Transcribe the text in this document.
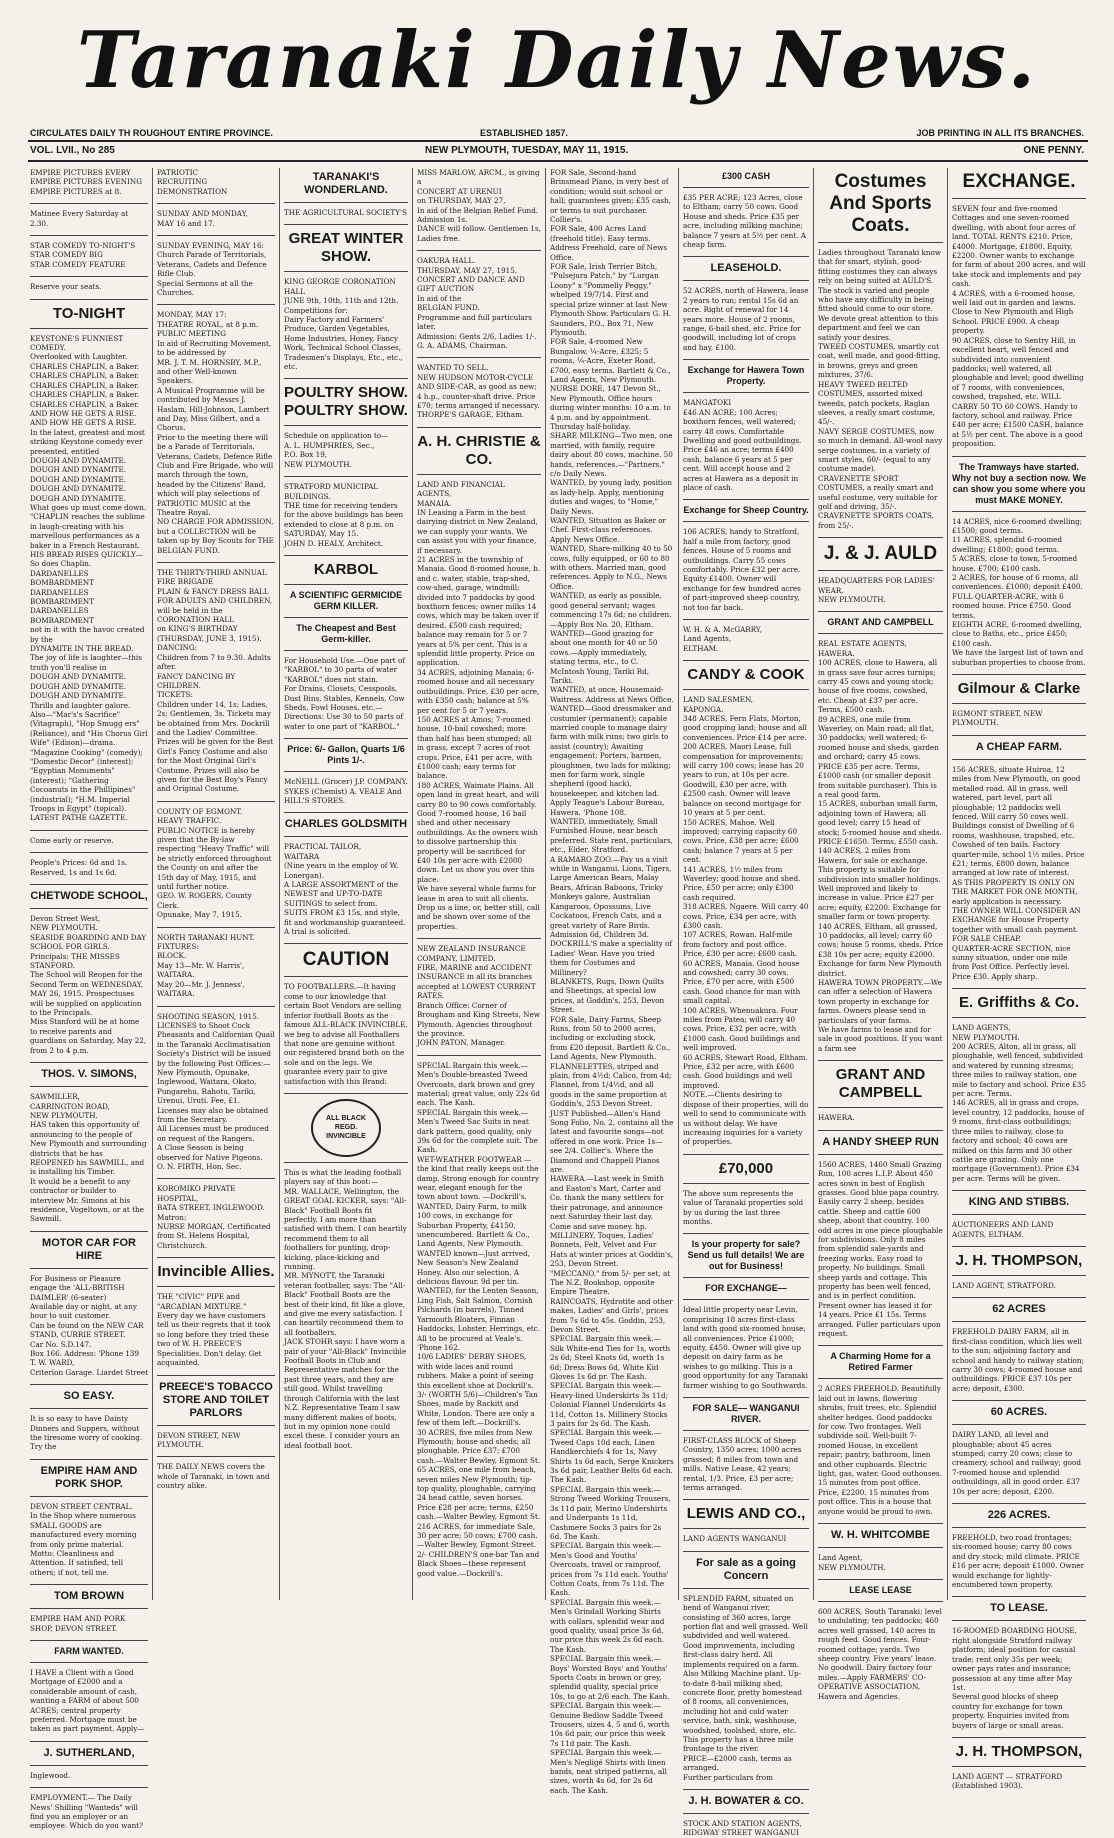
Taranaki Daily News.
CIRCULATES DAILY TH ROUGHOUT ENTIRE PROVINCE.	ESTABLISHED 1857.	JOB PRINTING IN ALL ITS BRANCHES.
VOL. LVII., No 285	NEW PLYMOUTH, TUESDAY, MAY 11, 1915.	ONE PENNY.
EMPIRE PICTURES EVERY
EMPIRE PICTURES EVENING
EMPIRE PICTURES at 8.
Matinee Every Saturday at 2.30.
STAR COMEDY TO-NIGHT'S
STAR COMEDY BIG
STAR COMEDY FEATURE
Reserve your seats.
TO-NIGHT
KEYSTONE'S FUNNIEST COMEDY.
Overlooked with Laughter.
CHARLES CHAPLIN, a Baker.
CHARLES CHAPLIN, a Baker.
CHARLES CHAPLIN, a Baker.
CHARLES CHAPLIN, a Baker.
CHARLES CHAPLIN, a Baker.
AND HOW HE GETS A RISE.
AND HOW HE GETS A RISE.
In the latest, greatest and most striking Keystone comedy ever presented, entitled
DOUGH AND DYNAMITE.
DOUGH AND DYNAMITE.
DOUGH AND DYNAMITE.
DOUGH AND DYNAMITE.
DOUGH AND DYNAMITE.
What goes up must come down.
"CHAPLIN reaches the sublime in laugh-creating with his marvellous performances as a baker in a French Restaurant.
HIS BREAD RISES QUICKLY—
So does Chaplin.
DARDANELLES BOMBARDMENT
DARDANELLES BOMBARDMENT
DARDANELLES BOMBARDMENT
not in it with the havoc created by the
DYNAMITE IN THE BREAD.
The joy of life is laughter—this truth you'll realise in
DOUGH AND DYNAMITE.
DOUGH AND DYNAMITE.
DOUGH AND DYNAMITE.
Thrills and laughter galore.
Also—"Mar's's Sacrifice" (Vitagraph), "Hop Smugg ers" (Reliance), and "His Chorus Girl Wife" (Edison)—drama. "Magazine Cooking" (comedy); "Domestic Decor" (interest); "Egyptian Monuments" (interest); "Gathering Cocoanuts in the Phillipines" (industrial); "H.M. Imperial Troops in Egypt" (topical).
LATEST PATHE GAZETTE.
Come early or reserve.
People's Prices: 6d and 1s. Reserved, 1s and 1s 6d.
CHETWODE SCHOOL,
Devon Street West,
NEW PLYMOUTH.
SEASIDE BOARDING AND DAY SCHOOL FOR GIRLS.
Principals: THE MISSES STANFORD.
The School will Reopen for the Second Term on WEDNESDAY, MAY 26, 1915. Prospectuses will be supplied on application to the Principals.
Miss Stanford will be at home to receive parents and guardians on Saturday, May 22, from 2 to 4 p.m.
THOS. V. SIMONS,
SAWMILLER,
CARRINGTON ROAD,
NEW PLYMOUTH.
HAS taken this opportunity of announcing to the people of New Plymouth and surrounding districts that he has REOPENED his SAWMILL, and is installing his Timber.
It would be a benefit to any contractor or builder to interview Mr. Simons at his residence, Vogeltown, or at the Sawmill.
MOTOR CAR FOR HIRE
For Business or Pleasure engage the 'ALL-BRITISH DAIMLER' (6-seater)
Available day or night, at any hour to suit customer.
Can be found on the NEW CAR STAND, CURRIE STREET.
Car No. S.D.147.
Box 166. Address: 'Phone 139
T. W. WARD,
Criterion Garage. Liardet Street
SO EASY.
It is so easy to have Dainty Dinners and Suppers, without the tiresome worry of cooking. Try the
EMPIRE HAM AND PORK SHOP.
DEVON STREET CENTRAL.
In the Shop where numerous SMALL GOODS are manufactured every morning from only prime material.
Motto: Cleanliness and Attention. If satisfied, tell others; if not, tell me.
TOM BROWN
EMPIRE HAM AND PORK SHOP, DEVON STREET.
FARM WANTED.
I HAVE a Client with a Good Mortgage of £2000 and a considerable amount of cash, wanting a FARM of about 500 ACRES; central property preferred. Mortgage must be taken as part payment. Apply—
J. SUTHERLAND,
Inglewood.
EMPLOYMENT.— The Daily News' Shilling "Wanteds" will find you an employer or an employee. Which do you want?
PATRIOTIC
RECRUITING
DEMONSTRATION
SUNDAY AND MONDAY,
MAY 16 and 17.
SUNDAY EVENING, MAY 16:
Church Parade of Territorials, Veterans, Cadets and Defence Rifle Club.
Special Sermons at all the Churches.
MONDAY, MAY 17:
THEATRE ROYAL, at 8 p.m.
PUBLIC MEETING
In aid of Recruiting Movement, to be addressed by
MR. J. T. M. HORNSBY, M.P., and other Well-known Speakers.
A Musical Programme will be contributed by Messrs J. Haslam, Hill-Johnson, Lambert and Day, Miss Gilbert, and a Chorus.
Prior to the meeting there will be a Parade of Territorials, Veterans, Cadets, Defence Rifle Club and Fire Brigade, who will march through the town, headed by the Citizens' Band, which will play selections of PATRIOTIC MUSIC at the Theatre Royal.
NO CHARGE FOR ADMISSION, but a COLLECTION will be taken up by Boy Scouts for THE BELGIAN FUND.
THE THIRTY-THIRD ANNUAL
FIRE BRIGADE
PLAIN & FANCY DRESS BALL
FOR ADULTS AND CHILDREN,
will be held in the
CORONATION HALL
on KING'S BIRTHDAY
(THURSDAY, JUNE 3, 1915).
DANCING:
Children from 7 to 9.30. Adults after.
FANCY DANCING BY CHILDREN.
TICKETS:
Children under 14, 1s; Ladies, 2s; Gentlemen, 3s. Tickets may be obtained from Mrs. Dockrill and the Ladies' Committee.
Prizes will be given for the Best Girl's Fancy Costume and also for the Most Original Girl's Costume. Prizes will also be given for the Best Boy's Fancy and Original Costume.
COUNTY OF EGMONT.
HEAVY TRAFFIC.
PUBLIC NOTICE is hereby given that the By-law respecting "Heavy Traffic" will be strictly enforced throughout the County on and after the 15th day of May, 1915, and until further notice.
GEO. W. ROGERS, County Clerk.
Opunake, May 7, 1915.
NORTH TARANAKI HUNT.
FIXTURES:
BLOCK.
May 13—Mr. W. Harris', WAITARA.
May 20—Mr. J. Jenness', WAITARA.
SHOOTING SEASON, 1915.
LICENSES to Shoot Cock Pheasants and Californian Quail in the Taranaki Acclimatisation Society's District will be issued by the following Post Offices:—New Plymouth, Opunake, Inglewood, Waitara, Okato, Pungarehu, Rahotu, Tariki, Urenui, Uruti. Fee, £1.
Licenses may also be obtained from the Secretary.
All Licenses must be produced on request of the Rangers.
A Close Season is being observed for Native Pigeons.
O. N. FIRTH, Hon. Sec.
KOROMIKO PRIVATE HOSPITAL,
BATA STREET, INGLEWOOD.
Matron:
NURSE MORGAN, Certificated from St. Helens Hospital, Christchurch.
Invincible Allies.
THE "CIVIC" PIPE and "ARCADIAN MIXTURE."
Every day we have customers tell us their regrets that it took so long before they tried these two of W. H. PREECE'S Specialities. Don't delay. Get acquainted.
PREECE'S TOBACCO STORE AND TOILET PARLORS
DEVON STREET, NEW PLYMOUTH.
THE DAILY NEWS covers the whole of Taranaki, in town and country alike.
TARANAKI'S WONDERLAND.
THE AGRICULTURAL SOCIETY'S
GREAT WINTER SHOW.
KING GEORGE CORONATION HALL
JUNE 9th, 10th, 11th and 12th.
Competitions for:
Dairy Factory and Farmers' Produce, Garden Vegetables, Home Industries, Honey, Fancy Work, Technical School Classes, Tradesmen's Displays, Etc., etc., etc.
POULTRY SHOW. POULTRY SHOW.
Schedule on application to—
A. L. HUMPHRIES, Sec.,
P.O. Box 19,
NEW PLYMOUTH.
STRATFORD MUNICIPAL BUILDINGS.
THE time for receiving tenders for the above buildings has been extended to close at 8 p.m. on SATURDAY, May 15.
JOHN D. HEALY, Architect.
KARBOL
A SCIENTIFIC GERMICIDE GERM KILLER.
The Cheapest and Best Germ-killer.
For Household Use.—One part of "KARBOL" to 30 parts of water "KARBOL" does not stain.
For Drains, Closets, Cesspools, Dust Bins, Stables, Kennels, Cow Sheds, Fowl Houses, etc.—Directions: Use 30 to 50 parts of water to one part of "KARBOL."
Price: 6/- Gallon, Quarts 1/6 Pints 1/-.
McNEILL (Grocer) J.P. COMPANY. SYKES (Chemist) A. VEALE And HILL'S STORES.
CHARLES GOLDSMITH
PRACTICAL TAILOR,
WAITARA
(Nine years in the employ of W. Lonergan).
A LARGE ASSORTMENT of the NEWEST and UP-TO-DATE SUITINGS to select from.
SUITS FROM £3 15s, and style, fit and workmanship guaranteed. A trial is solicited.
CAUTION
TO FOOTBALLERS.—It having come to our knowledge that certain Boot Vendors are selling inferior football Boots as the famous ALL-BLACK INVINCIBLE, we beg to advise all Footballers that none are genuine without our registered brand both on the sole and on the legs. We guarantee every pair to give satisfaction with this Brand:
ALL BLACK
REGD.
INVINCIBLE
This is what the leading football players say of this boot:—
MR. WALLACE, Wellington, the GREAT GOAL KICKER, says: "All-Black" Football Boots fit perfectly. I am more than satisfied with them. I can heartily recommend them to all footballers for punting, drop-kicking, place-kicking and running.
MR. MYNOTT, the Taranaki veteran footballer, says: The "All-Black" Football Boots are the best of their kind, fit like a glove, and give me every satisfaction. I can heartily recommend them to all footballers.
JACK STOHR says: I have worn a pair of your "All-Black" Invincible Football Boots in Club and Representative matches for the past three years, and they are still good. Whilst travelling through California with the last N.Z. Representative Team I saw many different makes of boots, but in my opinion none could excel these. I consider yours an ideal football boot.
MISS MARLOW, ARCM., is giving a
CONCERT AT URENUI
on THURSDAY, MAY 27,
In aid of the Belgian Relief Fund.
Admission 1s.
DANCE will follow. Gentlemen 1s, Ladies free.
OAKURA HALL.
THURSDAY, MAY 27, 1915.
CONCERT AND DANCE AND GIFT AUCTION
In aid of the
BELGIAN FUND.
Programme and full particulars later.
Admission: Gents 2/6, Ladies 1/-.
G. A. ADAMS, Chairman.
WANTED TO SELL.
NEW HUDSON MOTOR-CYCLE AND SIDE-CAR, as good as new; 4 h.p., counter-shaft drive. Price £70; terms arranged if necessary.
THORPE'S GARAGE, Eltham.
A. H. CHRISTIE & CO.
LAND AND FINANCIAL AGENTS,
MANAIA.
IN Leasing a Farm in the best dairying district in New Zealand, we can supply your wants. We can assist you with your finance, if necessary.
21 ACRES in the township of Manaia. Good 8-roomed house, b. and c. water, stable, trap-shed, cow-shed, garage, windmill; divided into 7 paddocks by good boxthorn fences; owner milks 14 cows, which may be taken over if desired. £500 cash required; balance may remain for 5 or 7 years at 5% per cent. This is a splendid little property. Price on application.
34 ACRES, adjoining Manaia; 6-roomed house and all necessary outbuildings. Price, £30 per acre, with £350 cash; balance at 5% per cent for 5 or 7 years.
150 ACRES at Amos; 7-roomed house, 10-bail cowshed; more than half has been stumped; all in grass, except 7 acres of root crops. Price, £41 per acre, with £1000 cash; easy terms for balance.
180 ACRES, Waimate Plains. All open land in great heart, and will carry 80 to 90 cows comfortably. Good 7-roomed house, 16 bail shed and other necessary outbuildings. As the owners wish to dissolve partnership this property will be sacrificed for £40 10s per acre with £2000 down. Let us show you over this place.
We have several whole farms for lease in area to suit all clients. Drop us a line, or, better still, call and be shown over some of the properties.
NEW ZEALAND INSURANCE COMPANY, LIMITED.
FIRE, MARINE and ACCIDENT INSURANCE in all its branches accepted at LOWEST CURRENT RATES.
Branch Office: Corner of Brougham and King Streets, New Plymouth. Agencies throughout the province.
JOHN PATON, Manager.
SPECIAL Bargain this week.— Men's Double-breasted Tweed Overcoats, dark brown and grey material; great value, only 22s 6d each. The Kash.
SPECIAL Bargain this week.— Men's Tweed Sac Suits in neat dark pattern, good quality, only 39s 6d for the complete suit. The Kash.
WET-WEATHER FOOTWEAR — the kind that really keeps out the damp. Strong enough for country wear, elegant enough for the town about town. —Dockrill's.
WANTED, Dairy Farm, to milk 100 cows, in exchange for Suburban Property, £4150, unencumbered. Bartlett & Co., Land Agents, New Plymouth.
WANTED known—Just arrived, New Season's New Zealand Honey. Also our selection. A delicious flavour. 9d per tin.
WANTED, for the Lenten Season, Ling Fish, Salt Salmon, Cornish Pilchards (in barrels), Tinned Yarmouth Bloaters, Finnan Haddocks, Lobster, Herrings, etc. All to be procured at Veale's. 'Phone 162.
10/6 LADIES' DERBY SHOES, with wide laces and round rubbers. Make a point of seeing this excellent shoe at Dockrill's.
3/- (WORTH 5/6)—Children's Tan Shoes, made by Rackitt and White, London. There are only a few of them left.—Dockrill's.
30 ACRES, five miles from New Plymouth; house and sheds; all ploughable. Price £37; £700 cash.—Walter Bewley, Egmont St.
65 ACRES, one mile from beach, seven miles New Plymouth; tip-top quality, ploughable, carrying 24 head cattle, seven horses. Price £28 per acre; terms, £250 cash.—Walter Bewley, Egmont St.
216 ACRES, for immediate Sale, 30 per acre; 50 cows; £700 cash.—Walter Bewley, Egmont Street.
2/- CHILDREN'S one-bar Tan and Black Shoes—these represent good value.—Dockrill's.
FOR Sale, Second-hand Brinsmead Piano, in very best of condition; would suit school or hall; guarantees given; £35 cash, or terms to suit purchaser. Collier's.
FOR Sale, 400 Acres Land (freehold title). Easy terms. Address Freehold, care of News Office.
FOR Sale, Irish Terrier Bitch, "Pulsejura Patch," by "Lurgan Loony" x "Pommelly Peggy," whelped 19/7/14. First and special prize winner at last New Plymouth Show. Particulars G. H. Saunders, P.O., Box 71, New Plymouth.
FOR Sale, 4-roomed New Bungalow, ¼-Acre, £325; 5 rooms, ¼-Acre, Exeter Road, £700, easy terms. Bartlett & Co., Land Agents, New Plymouth.
NURSE DORE, 147 Devon St., New Plymouth. Office hours during winter months: 10 a.m. to 4 p.m. and by appointment. Thursday half-holiday.
SHARE MILKING—Two men, one married, with family, require dairy about 80 cows, machine. 50 hands, references.—"Partners," c/o Daily News.
WANTED, by young lady, position as lady-help. Apply, mentioning duties and wages, to "Home," Daily News.
WANTED, Situation as Baker or Chef. First-class references. Apply News Office.
WANTED, Share-milking 40 to 50 cows, fully equipped, or 60 to 80 with others. Married man, good references. Apply to N.G., News Office.
WANTED, as early as possible, good general servant; wages commencing 17s 6d; no children.—Apply Box No. 20, Eltham.
WANTED—Good grazing for about one month for 40 or 50 cows.—Apply immediately, stating terms, etc., to C. McIntosh Young, Tariki Rd, Tariki.
WANTED, at once, Housemaid-Waitress. Address at News Office.
WANTED—Good dressmaker and costumier (permanent); capable married couple to manage dairy farm with milk runs; two girls to assist (country); Awaiting engagement: Porters, barmen, ploughmen, two lads for milking; men for farm work, single shepherd (good hack), housekeeper, and kitchen lad. Apply Teague's Labour Bureau, Hawera. 'Phone 108.
WANTED, immediately, Small Furnished House, near beach preferred. State rent, particulars, etc., Elder, Stratford.
A RAMARO ZOO.—Pay us a visit while in Wanganui. Lions, Tigers, Large American Bears, Malay Bears, African Baboons, Tricky Monkeys galore, Australian Kangaroos, Opossums, Live Cockatoos, French Cats, and a great variety of Rare Birds. Admission 6d, Children 3d.
DOCKRILL'S make a speciality of Ladies' Wear. Have you tried them for Costumes and Millinery?
BLANKETS, Rugs, Down Quilts and Sheetings, at special low prices, at Goddin's, 253, Devon Street.
FOR Sale, Dairy Farms, Sheep Runs, from 50 to 2000 acres, including or excluding stock, from £20 deposit. Bartlett & Co., Land Agents, New Plymouth.
FLANNELETTES, striped and plain, from 4½d; Calico, from 4d; Flannel, from 1/4½d, and all goods in the same proportion at Goddin's, 253 Devon Street.
JUST Published—Allen's Hand Song Folio, No. 2, contains all the latest and favourite songs—not offered in one work. Price 1s—see 2/4. Collier's. Where the Diamond and Chappell Pianos are.
HAWERA.—Last week in Smith and Easton's Mart, Carter and Co. thank the many settlers for their patronage, and announce next Saturday their last day. Come and save money. hp.
MILLINERY, Toques, Ladies' Bonnets, Felt, Velvet and Fur Hats at winter prices at Goddin's, 253, Devon Street.
"MECCANO," from 5/- per set, at The N.Z. Bookshop, opposite Empire Theatre.
RAINCOATS, Hydrotite and other makes, Ladies' and Girls', prices from 7s 6d to 45s. Goddin, 253, Devon Street.
SPECIAL Bargain this week.— Silk White-end Ties for 1s, worth 2s 6d; Steel Knots 6d, worth 1s 6d; Dress Bows 6d, White Kid Gloves 1s 6d pr. The Kash.
SPECIAL Bargain this week.— Heavy-lined Underskirts 3s 11d; Colonial Flannel Underskirts 4s 11d, Cotton 1s. Millinery Stocks 3 pairs for 2s 6d. The Kash.
SPECIAL Bargain this week.— Tweed Caps 10d each, Linen Handkerchiefs 4 for 1s, Navy Shirts 1s 6d each, Serge Knickers 3s 6d pair, Leather Belts 6d each. The Kash.
SPECIAL Bargain this week.— Strong Tweed Working Trousers, 3s 11d pair, Merino Undershirts and Underpants 1s 11d, Cashmere Socks 3 pairs for 2s 6d. The Kash.
SPECIAL Bargain this week.— Men's Good and Youths' Overcoats, travel or rainproof, prices from 7s 11d each. Youths' Cotton Coats, from 7s 11d. The Kash.
SPECIAL Bargain this week.— Men's Grindall Working Shirts with collars, splendid wear and good quality, usual price 3s 6d, our price this week 2s 6d each. The Kash.
SPECIAL Bargain this week.— Boys' Worsted Boys' and Youths' Sports Coats in brown or grey, splendid quality, special price 10s, to go at 2/6 each. The Kash.
SPECIAL Bargain this week.— Genuine Bedlow Saddle Tweed Trousers, sizes 4, 5 and 6, worth 10s 6d pair, our price this week 7s 11d pair. The Kash.
SPECIAL Bargain this week.— Men's Negligé Shirts with linen bands, neat striped patterns, all sizes, worth 4s 6d, for 2s 6d each. The Kash.
£300 CASH
£35 PER ACRE; 123 Acres, close to Eltham; carry 50 cows. Good House and sheds. Price £35 per acre, including milking machine; balance 7 years at 5½ per cent. A cheap farm.
LEASEHOLD.
52 ACRES, north of Hawera, lease 2 years to run; rental 15s 6d an acre. Right of renewal for 14 years more. House of 2 rooms, range, 6-bail shed, etc. Price for goodwill, including lot of crops and hay, £100.
Exchange for Hawera Town Property.
MANGATOKI
£46 AN ACRE; 100 Acres; boxthorn fences, well watered; carry 48 cows. Comfortable Dwelling and good outbuildings. Price £46 an acre; terms £400 cash, balance 6 years at 5 per cent. Will accept house and 2 acres at Hawera as a deposit in place of cash.
Exchange for Sheep Country.
106 ACRES, handy to Stratford, half a mile from factory, good fences. House of 5 rooms and outbuildings. Carry 55 cows comfortably. Price £32 per acre. Equity £1400. Owner will exchange for few hundred acres of part-improved sheep country, not too far back.
W. H. & A. McGARRY,
Land Agents,
ELTHAM.
CANDY & COOK
LAND SALESMEN,
KAPONGA.
348 ACRES, Fern Flats, Morton, good cropping land; house and all conveniences. Price £14 per acre.
200 ACRES, Maori Lease, full compensation for improvements; will carry 100 cows; lease has 20 years to run, at 10s per acre. Goodwill, £30 per acre, with £2500 cash. Owner will leave balance on second mortgage for 10 years at 5 per cent.
150 ACRES, Mahoe. Well improved; carrying capacity 60 cows. Price, £38 per acre; £600 cash; balance 7 years at 5 per cent.
141 ACRES, 1½ miles from Waverley; good house and shed. Price, £50 per acre; only £300 cash required.
318 ACRES, Ngaere. Will carry 40 cows. Price, £34 per acre, with £300 cash.
107 ACRES, Rowan. Half-mile from factory and post office. Price, £30 per acre; £600 cash.
60 ACRES, Manaia. Good house and cowshed; carry 30 cows. Price, £70 per acre, with £500 cash. Good chance for man with small capital.
100 ACRES, Whenuakura. Four miles from Patea; will carry 40 cows. Price, £32 per acre, with £1000 cash. Good buildings and well improved.
60 ACRES, Stewart Road, Eltham. Price, £32 per acre, with £600 cash. Good buildings and well improved.
NOTE.—Clients desiring to dispose of their properties, will do well to send to communicate with us without delay. We have increasing inquiries for a variety of properties.
£70,000
The above sum represents the value of Taranaki properties sold by us during the last three months.
Is your property for sale? Send us full details! We are out for Business!
FOR EXCHANGE—
Ideal little property near Levin, comprising 18 acres first-class land with good six-roomed house; all conveniences. Price £1000; equity, £450. Owner will give up deposit on dairy farm as he wishes to go milking. This is a good opportunity for any Taranaki farmer wishing to go Southwards.
FOR SALE— WANGANUI RIVER.
FIRST-CLASS BLOCK of Sheep Country, 1350 acres; 1000 acres grassed; 8 miles from town and mills. Native Lease, 42 years; rental, 1/3. Price, £3 per acre; terms arranged.
LEWIS AND CO.,
LAND AGENTS WANGANUI
For sale as a going Concern
SPLENDID FARM, situated on bend of Wanganui river, consisting of 360 acres, large portion flat and well grassed. Well subdivided and well watered. Good improvements, including first-class dairy herd. All implements required on a farm. Also Milking Machine plant. Up-to-date 8-bail milking shed, concrete floor, pretty homestead of 8 rooms, all conveniences, including hot and cold water service, bath, sink, washhouse, woodshed, toolshed, store, etc.
This property has a three mile frontage to the river.
PRICE—£2000 cash, terms as arranged.
Further particulars from
J. H. BOWATER & CO.
STOCK AND STATION AGENTS,
RIDGWAY STREET WANGANUI
Costumes And Sports Coats.
Ladies throughout Taranaki know that for smart, stylish, good-fitting costumes they can always rely on being suited at AULD'S. The stock is varied and people who have any difficulty in being fitted should come to our store. We devote great attention to this department and feel we can satisfy your desires.
TWEED COSTUMES, smartly cut coat, well made, and good-fitting, in browns, greys and green mixtures, 37/6.
HEAVY TWEED BELTED COSTUMES, assorted mixed tweeds, patch pockets, Raglan sleeves, a really smart costume, 45/-.
NAVY SERGE COSTUMES, now so much in demand. All-wool navy serge costumes, in a variety of smart styles, 60/- (equal to any costume made).
CRAVENETTE SPORT COSTUMES, a really smart and useful costume, very suitable for golf and driving, 35/-.
CRAVENETTE SPORTS COATS, from 25/-.
J. & J. AULD
HEADQUARTERS FOR LADIES' WEAR,
NEW PLYMOUTH.
GRANT AND CAMPBELL
REAL ESTATE AGENTS,
HAWERA.
100 ACRES, close to Hawera, all in grass save four acres turnips; carry 45 cows and young stock; house of five rooms, cowshed, etc. Cheap at £37 per acre. Terms, £500 cash.
89 ACRES, one mile from Waverley, on Main road; all flat, 30 paddocks; well watered; 6-roomed house and sheds, garden and orchard; carry 45 cows. PRICE £35 per acre. Terms, £1000 cash (or smaller deposit from suitable purchaser). This is a real good farm.
15 ACRES, suburban small farm, adjoining town of Hawera; all good level; carry 15 head of stock; 5-roomed house and sheds. PRICE £1650. Terms, £550 cash.
140 ACRES, 2 miles from Hawera, for sale or exchange. This property is suitable for subdivision into smaller holdings. Well improved and likely to increase in value. Price £27 per acre; equity, £2200. Exchange for smaller farm or town property.
140 ACRES, Eltham, all grassed, 10 paddocks, all level; carry 60 cows; house 5 rooms, sheds. Price £38 10s per acre; equity £2000. Exchange for farm New Plymouth district.
HAWERA TOWN PROPERTY.—We can offer a selection of Hawera town property in exchange for farms. Owners please send in particulars of your farms.
We have farms to lease and for sale in good positions. If you want a farm see
GRANT AND CAMPBELL
HAWERA.
A HANDY SHEEP RUN
1560 ACRES, 1460 Small Grazing Run, 100 acres L.I.P. About 450 acres sown in best of English grasses. Good blue papa country. Easily carry 2 sheep, besides cattle. Sheep and cattle 600 sheep, about that country. 100 odd acres in one piece ploughable for subdivisions. Only 8 miles from splendid sale-yards and freezing works. Easy road to property. No buildings. Small sheep yards and cottage. This property has been well fenced, and is in perfect condition. Present owner has leased it for 14 years. Price £1 15s. Terms arranged. Fuller particulars upon request.
A Charming Home for a Retired Farmer
2 ACRES FREEHOLD. Beautifully laid out in lawns, flowering shrubs, fruit trees, etc. Splendid shelter hedges. Good paddocks for cow. Two frontages. Well subdivide soil. Well-built 7-roomed House, in excellent repair; pantry, bathroom, linen and other cupboards. Electric light, gas, water. Good outhouses. 15 minutes from post office. Price, £2200. 15 minutes from post office. This is a house that anyone would be proud to own.
W. H. WHITCOMBE
Land Agent,
NEW PLYMOUTH.
LEASE LEASE
600 ACRES, South Taranaki; level to undulating; ten paddocks; 460 acres well grassed, 140 acres in rough feed. Good fences. Four-roomed cottage; yards. Two sheep country. Five years' lease. No goodwill. Dairy factory four miles.—Apply FARMERS' CO-OPERATIVE ASSOCIATION, Hawera and Agencies.
EXCHANGE.
SEVEN four and five-roomed Cottages and one seven-roomed dwelling, with about four acres of land. TOTAL RENTS £210. Price, £4000. Mortgage, £1800. Equity, £2200. Owner wants to exchange for farm of about 200 acres, and will take stock and implements and pay cash.
4 ACRES, with a 6-roomed house, well laid out in garden and lawns. Close to New Plymouth and High School. PRICE £900. A cheap property.
90 ACRES, close to Sentry Hill, in excellent heart, well fenced and subdivided into convenient paddocks; well watered, all ploughable and level; good dwelling of 7 rooms, with conveniences, cowshed, trapshed, etc. WILL CARRY 50 TO 60 COWS. Handy to factory, school and railway. Price £40 per acre; £1500 CASH, balance at 5½ per cent. The above is a good proposition.
The Tramways have started. Why not buy a section now. We can show you some where you must MAKE MONEY.
14 ACRES, nice 6-roomed dwelling; £1500; good terms.
11 ACRES, splendid 6-roomed dwelling; £1800; good terms.
5 ACRES, close to town, 5-roomed house. £700; £100 cash.
2 ACRES, for house of 6 rooms, all conveniences. £1000; deposit £400.
FULL QUARTER-ACRE, with 6 roomed house. Price £750. Good terms.
EIGHTH ACRE, 6-roomed dwelling, close to Baths, etc., price £450; £100 cash.
We have the largest list of town and suburban properties to choose from.
Gilmour & Clarke
EGMONT STREET, NEW PLYMOUTH.
A CHEAP FARM.
156 ACRES, situate Huiroa, 12 miles from New Plymouth, on good metalled road. All in grass, well watered, part level, part all ploughable; 12 paddocks well fenced. Will carry 50 cows well. Buildings consist of Dwelling of 6 rooms, washhouse, trapshed, etc. Cowshed of ten bails. Factory quarter-mile, school 1½ miles. Price £21; terms, £800 down, balance arranged at low rate of interest.
AS THIS PROPERTY IS ONLY ON THE MARKET FOR ONE MONTH, early application is necessary.
THE OWNER WILL CONSIDER AN EXCHANGE for House Property together with small cash payment.
FOR SALE CHEAP.
QUARTER-ACRE SECTION, nice sunny situation, under one mile from Post Office. Perfectly level. Price £30. Apply sharp.
E. Griffiths & Co.
LAND AGENTS,
NEW PLYMOUTH.
200 ACRES, Alton, all in grass, all ploughable, well fenced, subdivided and watered by running streams; three miles to railway station, one mile to factory and school. Price £35 per acre. Terms.
146 ACRES, all in grass and crops, level country, 12 paddocks, house of 9 rooms, first-class outbuildings; three miles to railway, close to factory and school; 40 cows are milked on this farm and 30 other cattle are grazing. Only one mortgage (Government). Price £34 per acre. Terms will be given.
KING AND STIBBS.
AUCTIONEERS AND LAND AGENTS, ELTHAM.
J. H. THOMPSON,
LAND AGENT, STRATFORD.
62 ACRES
FREEHOLD DAIRY FARM, all in first-class condition, which lies well to the sun; adjoining factory and school and handy to railway station; carry 30 cows; 4-roomed house and outbuildings. PRICE £37 10s per acre; deposit, £300.
60 ACRES.
DAIRY LAND, all level and ploughable; about 45 acres stumped; carry 20 cows; close to creamery, school and railway; good 7-roomed house and splendid outbuildings, all in good order. £37 10s per acre; deposit, £200.
226 ACRES.
FREEHOLD, two road frontages; six-roomed house; carry 80 cows and dry stock; mild climate. PRICE £16 per acre; deposit £1000. Owner would exchange for lightly-encumbered town property.
TO LEASE.
16-ROOMED BOARDING HOUSE, right alongside Stratford railway platform; ideal position for casual trade; rent only 35s per week; owner pays rates and insurance; possession at any time after May 1st.
Several good blocks of sheep country for exchange for town property. Enquiries invited from buyers of large or small areas.
J. H. THOMPSON,
LAND AGENT — STRATFORD
(Established 1903).
